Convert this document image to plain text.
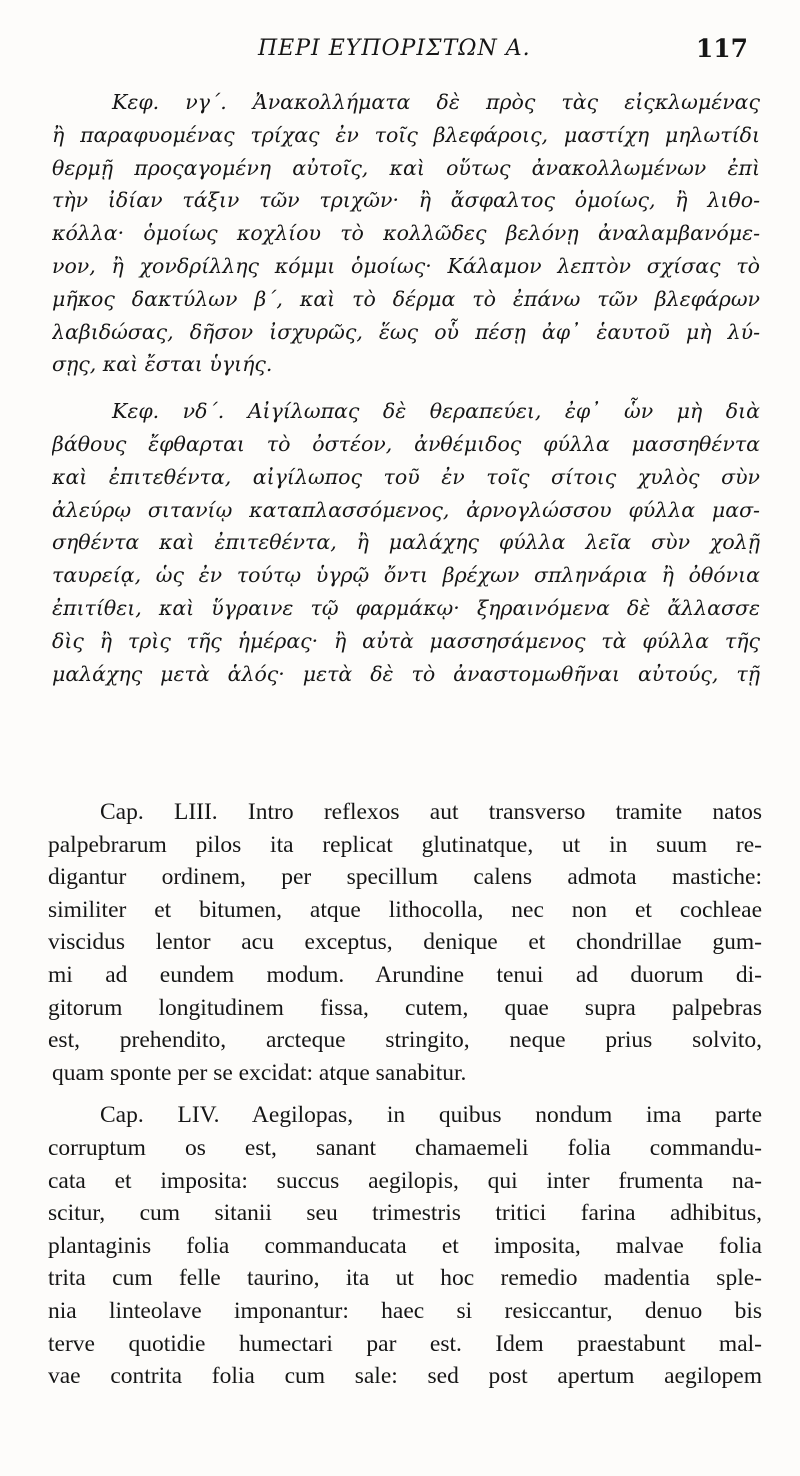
ΠΕΡΙ ΕΥΠΟΡΙΣΤΩΝ Α.	117
Κεφ. νγ΄. Ἀνακολλήματα δὲ πρὸς τὰς εἰςκλωμένας
ἢ παραφυομένας τρίχας ἐν τοῖς βλεφάροις, μαστίχη μηλωτίδι
θερμῇ προςαγομένη αὐτοῖς, καὶ οὕτως ἀνακολλωμένων ἐπὶ
τὴν ἰδίαν τάξιν τῶν τριχῶν· ἢ ἄσφαλτος ὁμοίως, ἢ λιθο-
κόλλα· ὁμοίως κοχλίου τὸ κολλῶδες βελόνῃ ἀναλαμβανόμε-
νον, ἢ χονδρίλλης κόμμι ὁμοίως· Κάλαμον λεπτὸν σχίσας τὸ
μῆκος δακτύλων β΄, καὶ τὸ δέρμα τὸ ἐπάνω τῶν βλεφάρων
λαβιδώσας, δῆσον ἰσχυρῶς, ἕως οὗ πέσῃ ἀφ᾽ ἑαυτοῦ μὴ λύ-
σῃς, καὶ ἔσται ὑγιής.
Κεφ. νδ΄. Αἰγίλωπας δὲ θεραπεύει, ἐφ᾽ ὧν μὴ διὰ
βάθους ἔφθαρται τὸ ὀστέον, ἀνθέμιδος φύλλα μασσηθέντα
καὶ ἐπιτεθέντα, αἰγίλωπος τοῦ ἐν τοῖς σίτοις χυλὸς σὺν
ἀλεύρῳ σιτανίῳ καταπλασσόμενος, ἀρνογλώσσου φύλλα μασ-
σηθέντα καὶ ἐπιτεθέντα, ἢ μαλάχης φύλλα λεῖα σὺν χολῇ
ταυρείᾳ, ὡς ἐν τούτῳ ὑγρῷ ὄντι βρέχων σπληνάρια ἢ ὀθόνια
ἐπιτίθει, καὶ ὕγραινε τῷ φαρμάκῳ· ξηραινόμενα δὲ ἄλλασσε
δὶς ἢ τρὶς τῆς ἡμέρας· ἢ αὐτὰ μασσησάμενος τὰ φύλλα τῆς
μαλάχης μετὰ ἁλός· μετὰ δὲ τὸ ἀναστομωθῆναι αὐτούς, τῇ
Cap. LIII. Intro reflexos aut transverso tramite natos
palpebrarum pilos ita replicat glutinatque, ut in suum re-
digantur ordinem, per specillum calens admota mastiche:
similiter et bitumen, atque lithocolla, nec non et cochleae
viscidus lentor acu exceptus, denique et chondrillae gum-
mi ad eundem modum. Arundine tenui ad duorum di-
gitorum longitudinem fissa, cutem, quae supra palpebras
est, prehendito, arcteque stringito, neque prius solvito,
quam sponte per se excidat: atque sanabitur.
Cap. LIV. Aegilopas, in quibus nondum ima parte
corruptum os est, sanant chamaemeli folia commandu-
cata et imposita: succus aegilopis, qui inter frumenta na-
scitur, cum sitanii seu trimestris tritici farina adhibitus,
plantaginis folia commanducata et imposita, malvae folia
trita cum felle taurino, ita ut hoc remedio madentia sple-
nia linteolave imponantur: haec si resiccantur, denuo bis
terve quotidie humectari par est. Idem praestabunt mal-
vae contrita folia cum sale: sed post apertum aegilopem
